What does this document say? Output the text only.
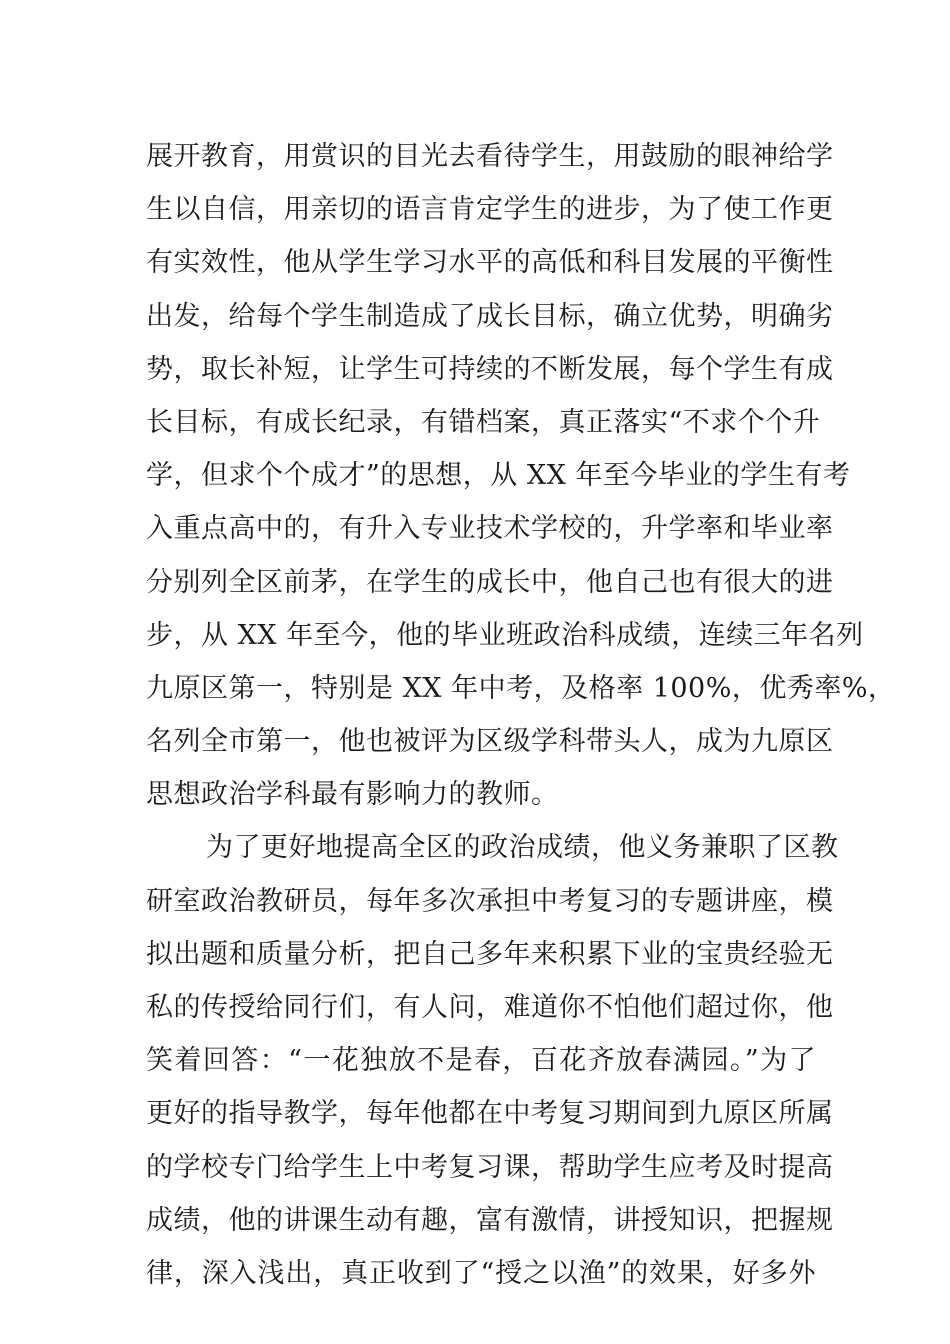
展开教育，用赏识的目光去看待学生，用鼓励的眼神给学
生以自信，用亲切的语言肯定学生的进步，为了使工作更
有实效性，他从学生学习水平的高低和科目发展的平衡性
出发，给每个学生制造成了成长目标，确立优势，明确劣
势，取长补短，让学生可持续的不断发展，每个学生有成
长目标，有成长纪录，有错档案，真正落实“不求个个升
学，但求个个成才”的思想，从 XX 年至今毕业的学生有考
入重点高中的，有升入专业技术学校的，升学率和毕业率
分别列全区前茅，在学生的成长中，他自己也有很大的进
步，从 XX 年至今，他的毕业班政治科成绩，连续三年名列
九原区第一，特别是 XX 年中考，及格率 100%，优秀率%，
名列全市第一，他也被评为区级学科带头人，成为九原区
思想政治学科最有影响力的教师。
为了更好地提高全区的政治成绩，他义务兼职了区教
研室政治教研员，每年多次承担中考复习的专题讲座，模
拟出题和质量分析，把自己多年来积累下业的宝贵经验无
私的传授给同行们，有人问，难道你不怕他们超过你，他
笑着回答：“一花独放不是春，百花齐放春满园。”为了
更好的指导教学，每年他都在中考复习期间到九原区所属
的学校专门给学生上中考复习课，帮助学生应考及时提高
成绩，他的讲课生动有趣，富有激情，讲授知识，把握规
律，深入浅出，真正收到了“授之以渔”的效果，好多外
